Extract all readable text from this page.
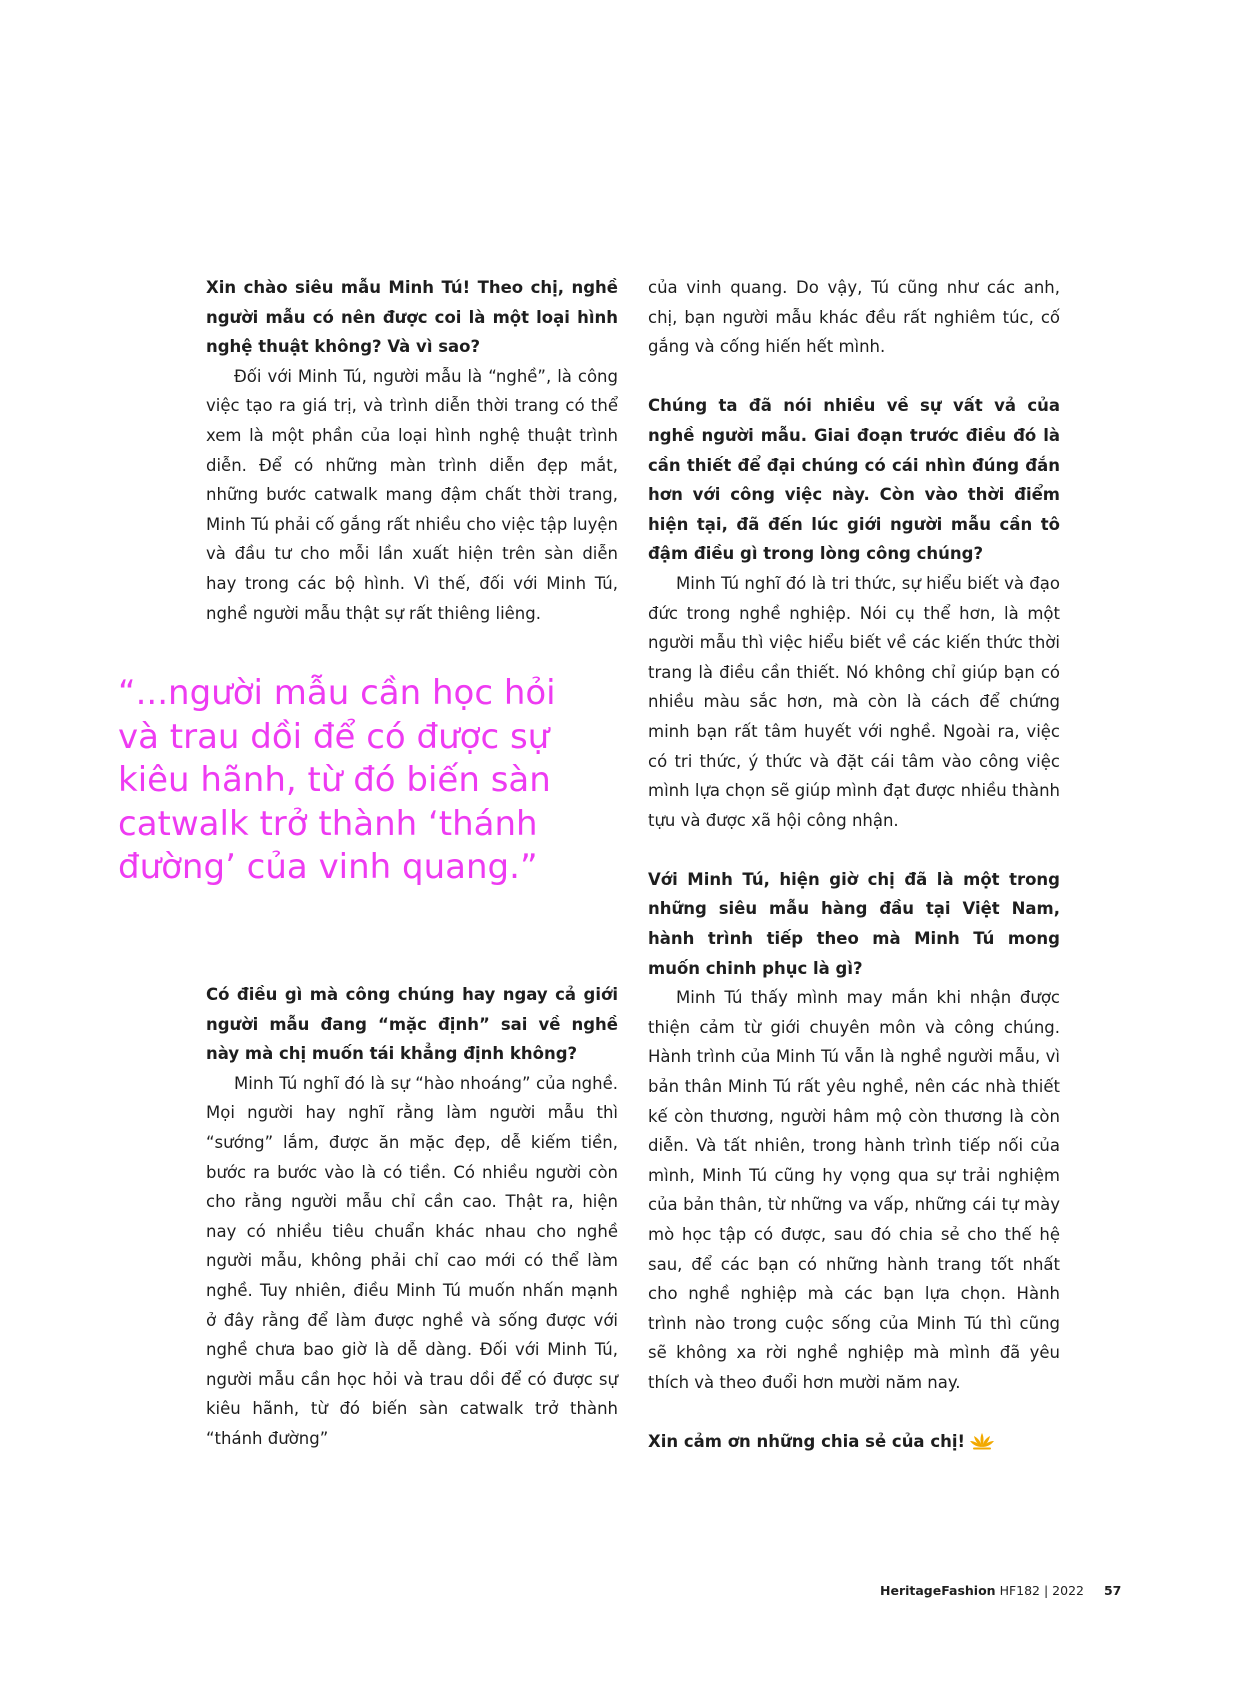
Xin chào siêu mẫu Minh Tú! Theo chị, nghề người mẫu có nên được coi là một loại hình nghệ thuật không? Và vì sao?

Đối với Minh Tú, người mẫu là “nghề”, là công việc tạo ra giá trị, và trình diễn thời trang có thể xem là một phần của loại hình nghệ thuật trình diễn. Để có những màn trình diễn đẹp mắt, những bước catwalk mang đậm chất thời trang, Minh Tú phải cố gắng rất nhiều cho việc tập luyện và đầu tư cho mỗi lần xuất hiện trên sàn diễn hay trong các bộ hình. Vì thế, đối với Minh Tú, nghề người mẫu thật sự rất thiêng liêng.

“...người mẫu cần học hỏi và trau dồi để có được sự kiêu hãnh, từ đó biến sàn catwalk trở thành ‘thánh đường’ của vinh quang.”

Có điều gì mà công chúng hay ngay cả giới người mẫu đang “mặc định” sai về nghề này mà chị muốn tái khẳng định không?

Minh Tú nghĩ đó là sự “hào nhoáng” của nghề. Mọi người hay nghĩ rằng làm người mẫu thì “sướng” lắm, được ăn mặc đẹp, dễ kiếm tiền, bước ra bước vào là có tiền. Có nhiều người còn cho rằng người mẫu chỉ cần cao. Thật ra, hiện nay có nhiều tiêu chuẩn khác nhau cho nghề người mẫu, không phải chỉ cao mới có thể làm nghề. Tuy nhiên, điều Minh Tú muốn nhấn mạnh ở đây rằng để làm được nghề và sống được với nghề chưa bao giờ là dễ dàng. Đối với Minh Tú, người mẫu cần học hỏi và trau dồi để có được sự kiêu hãnh, từ đó biến sàn catwalk trở thành “thánh đường”

của vinh quang. Do vậy, Tú cũng như các anh, chị, bạn người mẫu khác đều rất nghiêm túc, cố gắng và cống hiến hết mình.

Chúng ta đã nói nhiều về sự vất vả của nghề người mẫu. Giai đoạn trước điều đó là cần thiết để đại chúng có cái nhìn đúng đắn hơn với công việc này. Còn vào thời điểm hiện tại, đã đến lúc giới người mẫu cần tô đậm điều gì trong lòng công chúng?

Minh Tú nghĩ đó là tri thức, sự hiểu biết và đạo đức trong nghề nghiệp. Nói cụ thể hơn, là một người mẫu thì việc hiểu biết về các kiến thức thời trang là điều cần thiết. Nó không chỉ giúp bạn có nhiều màu sắc hơn, mà còn là cách để chứng minh bạn rất tâm huyết với nghề. Ngoài ra, việc có tri thức, ý thức và đặt cái tâm vào công việc mình lựa chọn sẽ giúp mình đạt được nhiều thành tựu và được xã hội công nhận.

Với Minh Tú, hiện giờ chị đã là một trong những siêu mẫu hàng đầu tại Việt Nam, hành trình tiếp theo mà Minh Tú mong muốn chinh phục là gì?

Minh Tú thấy mình may mắn khi nhận được thiện cảm từ giới chuyên môn và công chúng. Hành trình của Minh Tú vẫn là nghề người mẫu, vì bản thân Minh Tú rất yêu nghề, nên các nhà thiết kế còn thương, người hâm mộ còn thương là còn diễn. Và tất nhiên, trong hành trình tiếp nối của mình, Minh Tú cũng hy vọng qua sự trải nghiệm của bản thân, từ những va vấp, những cái tự mày mò học tập có được, sau đó chia sẻ cho thế hệ sau, để các bạn có những hành trang tốt nhất cho nghề nghiệp mà các bạn lựa chọn. Hành trình nào trong cuộc sống của Minh Tú thì cũng sẽ không xa rời nghề nghiệp mà mình đã yêu thích và theo đuổi hơn mười năm nay.

Xin cảm ơn những chia sẻ của chị!

HeritageFashion HF182 | 2022 57
